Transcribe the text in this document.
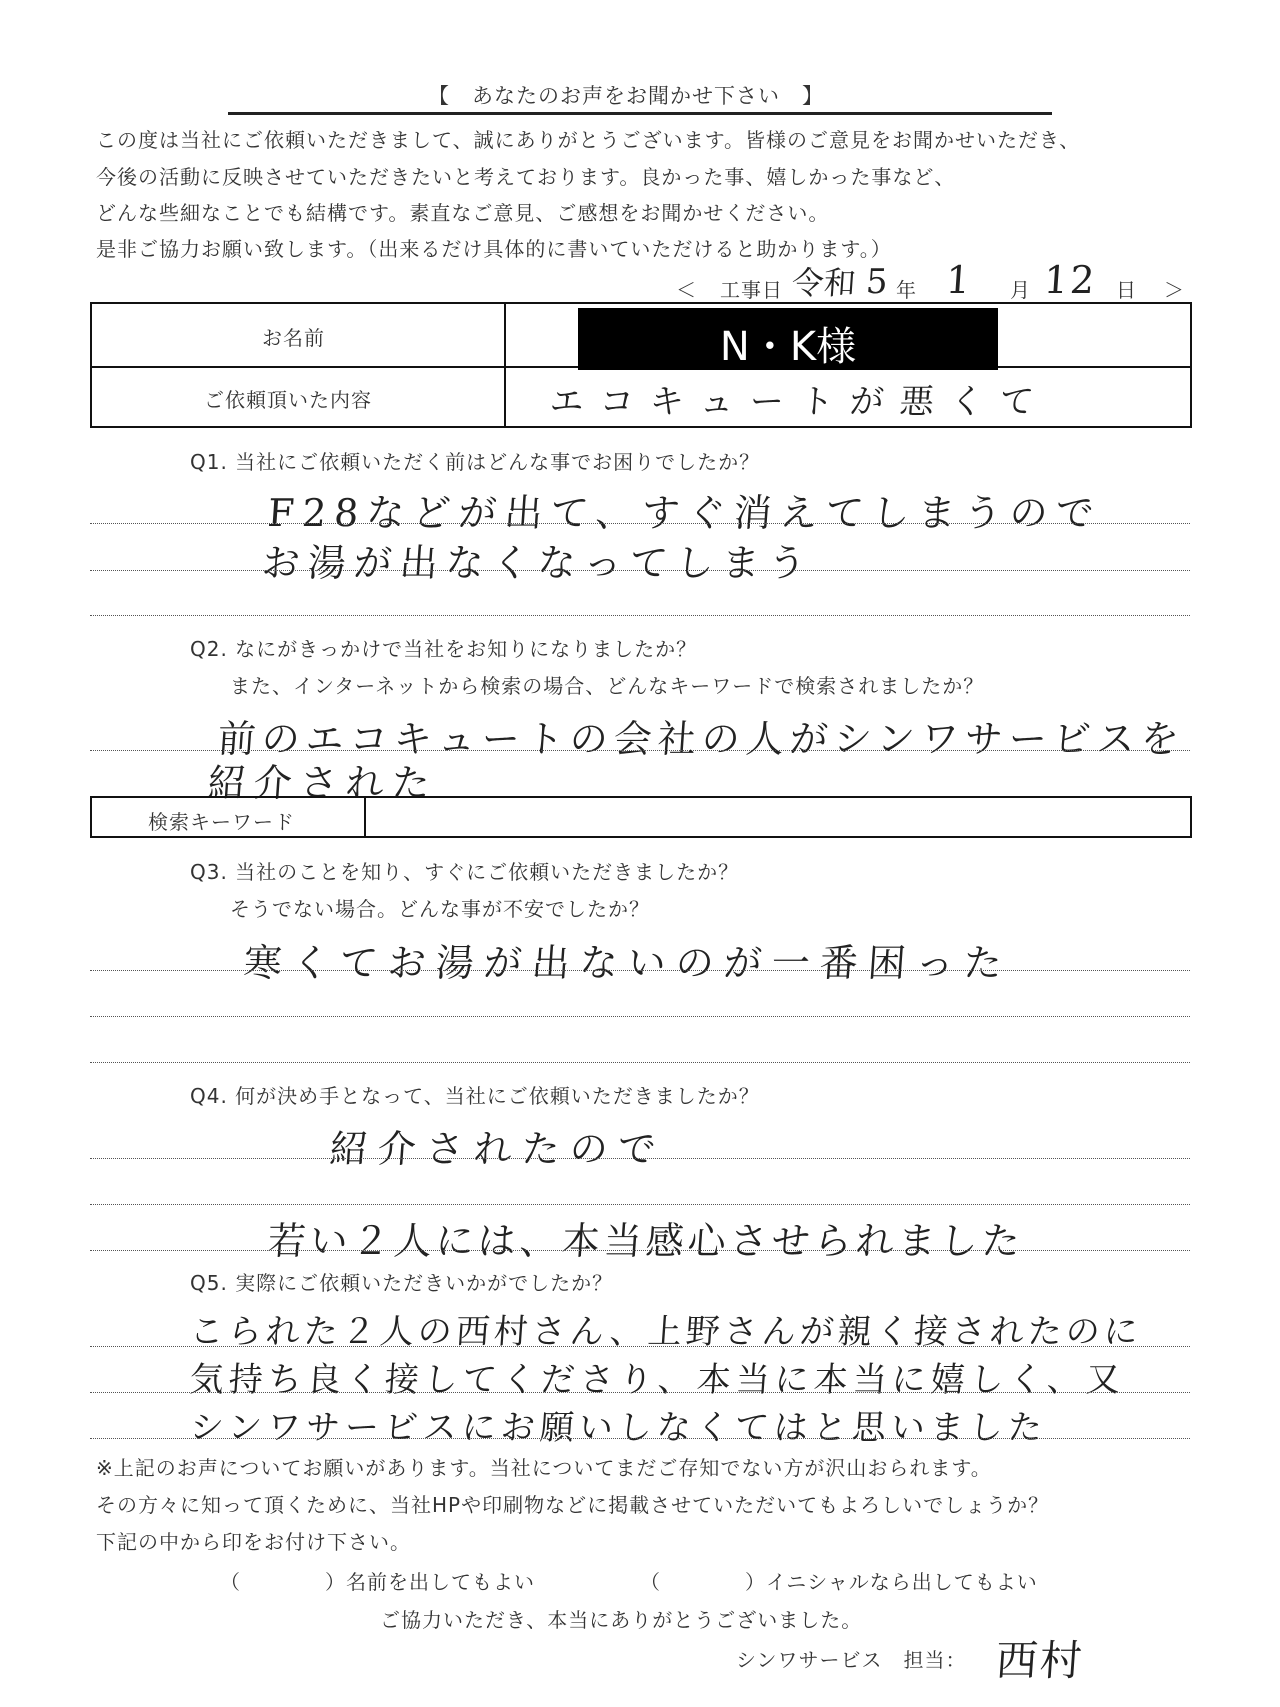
【　あなたのお声をお聞かせ下さい　】
この度は当社にご依頼いただきまして、誠にありがとうございます。皆様のご意見をお聞かせいただき、
今後の活動に反映させていただきたいと考えております。良かった事、嬉しかった事など、
どんな些細なことでも結構です。素直なご意見、ご感想をお聞かせください。
是非ご協力お願い致します。（出来るだけ具体的に書いていただけると助かります。）
＜ 工事日 令和 5
年 1 月 12 日 ＞
お名前	N・K様
ご依頼頂いた内容	エコキュートが悪くて
Q1. 当社にご依頼いただく前はどんな事でお困りでしたか？
F28などが出て、すぐ消えてしまうので
お湯が出なくなってしまう
Q2. なにがきっかけで当社をお知りになりましたか？
また、インターネットから検索の場合、どんなキーワードで検索されましたか？
前のエコキュートの会社の人がシンワサービスを
紹介された
検索キーワード
Q3. 当社のことを知り、すぐにご依頼いただきましたか？
そうでない場合。どんな事が不安でしたか？
寒くてお湯が出ないのが一番困った
Q4. 何が決め手となって、当社にご依頼いただきましたか？
紹介されたので
若い２人には、本当感心させられました
Q5. 実際にご依頼いただきいかがでしたか？
こられた２人の西村さん、上野さんが親く接されたのに
気持ち良く接してくださり、本当に本当に嬉しく、又
シンワサービスにお願いしなくてはと思いました
※上記のお声についてお願いがあります。当社についてまだご存知でない方が沢山おられます。
その方々に知って頂くために、当社HPや印刷物などに掲載させていただいてもよろしいでしょうか？
下記の中から印をお付け下さい。
（　　　　）名前を出してもよい	（　　　　）イニシャルなら出してもよい
ご協力いただき、本当にありがとうございました。
シンワサービス　担当： 西村
